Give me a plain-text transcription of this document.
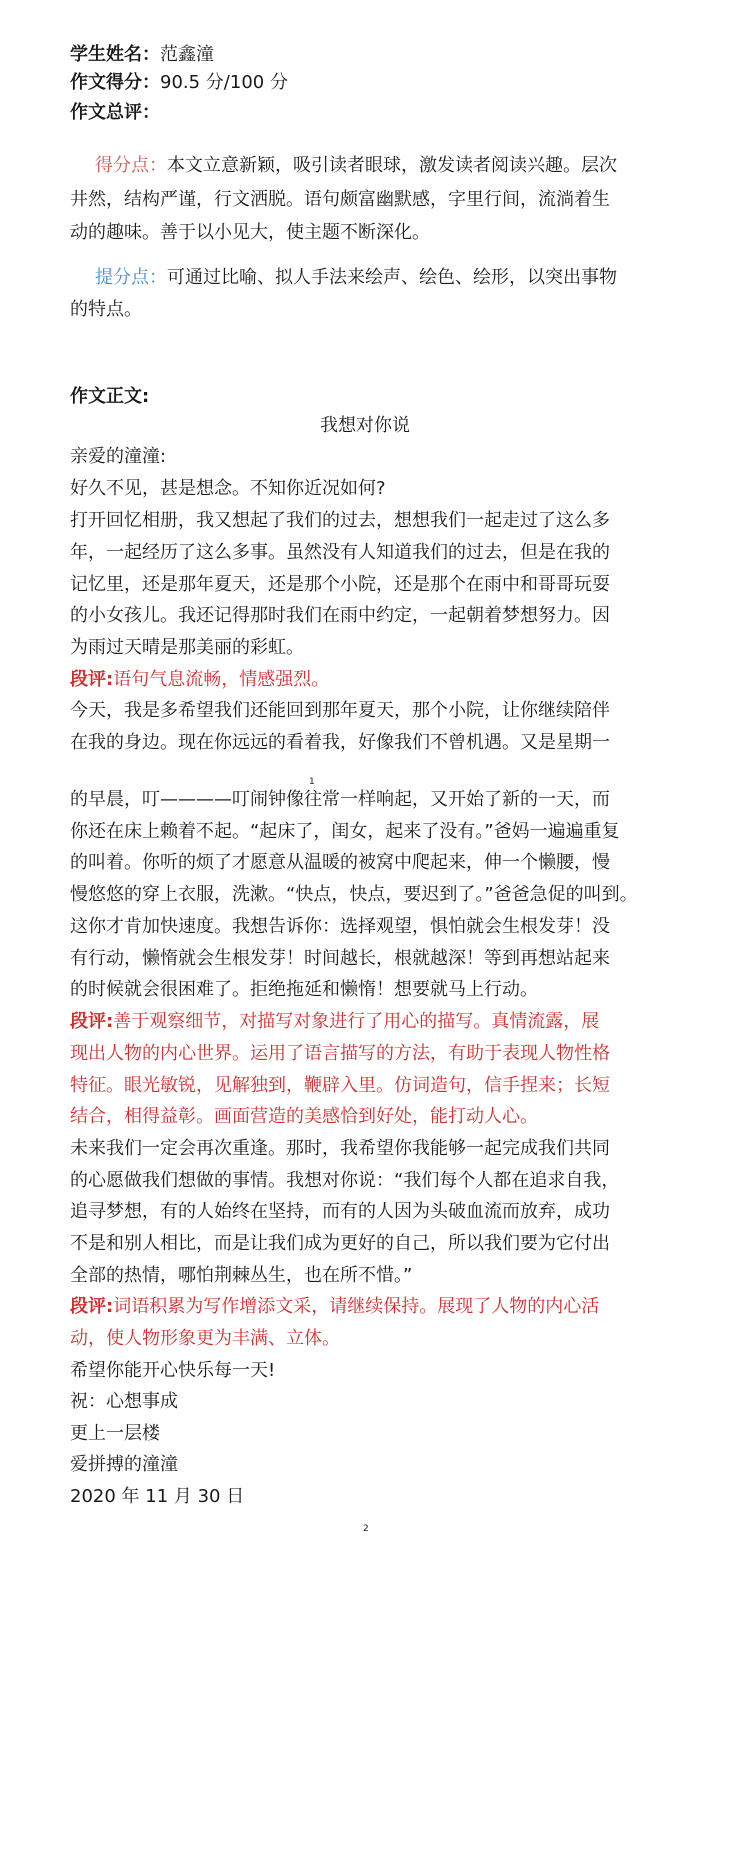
学生姓名：范鑫潼
作文得分：90.5 分/100 分
作文总评：
得分点：本文立意新颖，吸引读者眼球，激发读者阅读兴趣。层次
井然，结构严谨，行文洒脱。语句颇富幽默感，字里行间，流淌着生
动的趣味。善于以小见大，使主题不断深化。
提分点：可通过比喻、拟人手法来绘声、绘色、绘形，以突出事物
的特点。
作文正文:
我想对你说
亲爱的潼潼:
好久不见，甚是想念。不知你近况如何?
打开回忆相册，我又想起了我们的过去，想想我们一起走过了这么多
年，一起经历了这么多事。虽然没有人知道我们的过去，但是在我的
记忆里，还是那年夏天，还是那个小院，还是那个在雨中和哥哥玩耍
的小女孩儿。我还记得那时我们在雨中约定，一起朝着梦想努力。因
为雨过天晴是那美丽的彩虹。
段评:语句气息流畅，情感强烈。
今天，我是多希望我们还能回到那年夏天，那个小院，让你继续陪伴
在我的身边。现在你远远的看着我，好像我们不曾机遇。又是星期一
1
的早晨，叮————叮闹钟像往常一样响起，又开始了新的一天，而
你还在床上赖着不起。“起床了，闺女，起来了没有。”爸妈一遍遍重复
的叫着。你听的烦了才愿意从温暖的被窝中爬起来，伸一个懒腰，慢
慢悠悠的穿上衣服，洗漱。“快点，快点，要迟到了。”爸爸急促的叫到。
这你才肯加快速度。我想告诉你：选择观望，惧怕就会生根发芽！没
有行动，懒惰就会生根发芽！时间越长，根就越深！等到再想站起来
的时候就会很困难了。拒绝拖延和懒惰！想要就马上行动。
段评:善于观察细节，对描写对象进行了用心的描写。真情流露，展
现出人物的内心世界。运用了语言描写的方法，有助于表现人物性格
特征。眼光敏锐，见解独到，鞭辟入里。仿词造句，信手捏来；长短
结合，相得益彰。画面营造的美感恰到好处，能打动人心。
未来我们一定会再次重逢。那时，我希望你我能够一起完成我们共同
的心愿做我们想做的事情。我想对你说：“我们每个人都在追求自我，
追寻梦想，有的人始终在坚持，而有的人因为头破血流而放弃，成功
不是和别人相比，而是让我们成为更好的自己，所以我们要为它付出
全部的热情，哪怕荆棘丛生，也在所不惜。”
段评:词语积累为写作增添文采，请继续保持。展现了人物的内心活
动，使人物形象更为丰满、立体。
希望你能开心快乐每一天!
祝：心想事成
更上一层楼
爱拼搏的潼潼
2020 年 11 月 30 日
2
